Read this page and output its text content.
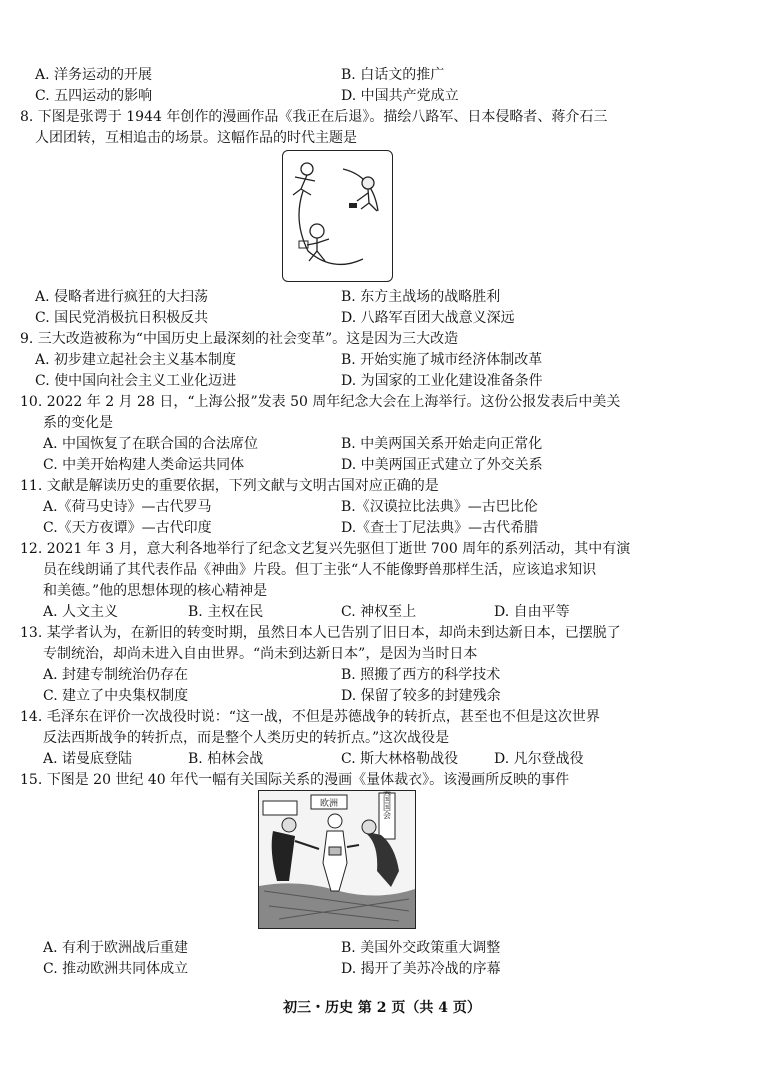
A. 洋务运动的开展	B. 白话文的推广
C. 五四运动的影响	D. 中国共产党成立
8. 下图是张谔于 1944 年创作的漫画作品《我正在后退》。描绘八路军、日本侵略者、蒋介石三
人团团转，互相追击的场景。这幅作品的时代主题是
A. 侵略者进行疯狂的大扫荡	B. 东方主战场的战略胜利
C. 国民党消极抗日积极反共	D. 八路军百团大战意义深远
9. 三大改造被称为“中国历史上最深刻的社会变革”。这是因为三大改造
A. 初步建立起社会主义基本制度	B. 开始实施了城市经济体制改革
C. 使中国向社会主义工业化迈进	D. 为国家的工业化建设准备条件
10. 2022 年 2 月 28 日，“上海公报”发表 50 周年纪念大会在上海举行。这份公报发表后中美关
系的变化是
A. 中国恢复了在联合国的合法席位	B. 中美两国关系开始走向正常化
C. 中美开始构建人类命运共同体	D. 中美两国正式建立了外交关系
11. 文献是解读历史的重要依据，下列文献与文明古国对应正确的是
A.《荷马史诗》—古代罗马	B.《汉谟拉比法典》—古巴比伦
C.《天方夜谭》—古代印度	D.《查士丁尼法典》—古代希腊
12. 2021 年 3 月，意大利各地举行了纪念文艺复兴先驱但丁逝世 700 周年的系列活动，其中有演
员在线朗诵了其代表作品《神曲》片段。但丁主张“人不能像野兽那样生活，应该追求知识
和美德。”他的思想体现的核心精神是
A. 人文主义	B. 主权在民	C. 神权至上	D. 自由平等
13. 某学者认为，在新旧的转变时期，虽然日本人已告别了旧日本，却尚未到达新日本，已摆脱了
专制统治，却尚未进入自由世界。“尚未到达新日本”，是因为当时日本
A. 封建专制统治仍存在	B. 照搬了西方的科学技术
C. 建立了中央集权制度	D. 保留了较多的封建残余
14. 毛泽东在评价一次战役时说：“这一战，不但是苏德战争的转折点，甚至也不但是这次世界
反法西斯战争的转折点，而是整个人类历史的转折点。”这次战役是
A. 诺曼底登陆	B. 柏林会战	C. 斯大林格勒战役	D. 凡尔登战役
15. 下图是 20 世纪 40 年代一幅有关国际关系的漫画《量体裁衣》。该漫画所反映的事件
欧洲	美国国会
A. 有利于欧洲战后重建	B. 美国外交政策重大调整
C. 推动欧洲共同体成立	D. 揭开了美苏冷战的序幕
初三・历史 第 2 页（共 4 页）
